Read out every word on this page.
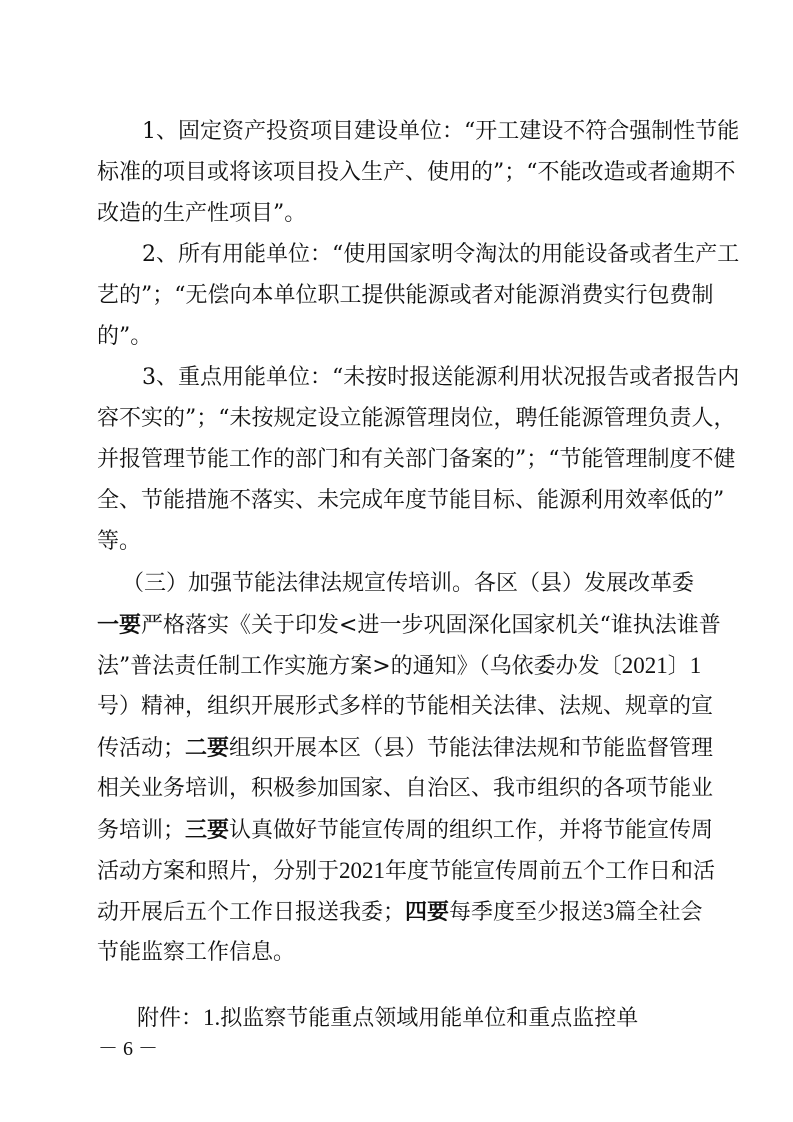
1、固定资产投资项目建设单位：“开工建设不符合强制性节能

标准的项目或将该项目投入生产、使用的”；“不能改造或者逾期不

改造的生产性项目”。

2、所有用能单位：“使用国家明令淘汰的用能设备或者生产工

艺的”；“无偿向本单位职工提供能源或者对能源消费实行包费制

的”。

3、重点用能单位：“未按时报送能源利用状况报告或者报告内

容不实的”；“未按规定设立能源管理岗位，聘任能源管理负责人，

并报管理节能工作的部门和有关部门备案的”；“节能管理制度不健

全、节能措施不落实、未完成年度节能目标、能源利用效率低的”

等。

（三）加强节能法律法规宣传培训。各区（县）发展改革委

一要严格落实《关于印发<进一步巩固深化国家机关“谁执法谁普

法”普法责任制工作实施方案>的通知》（乌依委办发〔2021〕1

号）精神，组织开展形式多样的节能相关法律、法规、规章的宣

传活动；二要组织开展本区（县）节能法律法规和节能监督管理

相关业务培训，积极参加国家、自治区、我市组织的各项节能业

务培训；三要认真做好节能宣传周的组织工作，并将节能宣传周

活动方案和照片，分别于2021年度节能宣传周前五个工作日和活

动开展后五个工作日报送我委；四要每季度至少报送3篇全社会

节能监察工作信息。

附件：1.拟监察节能重点领域用能单位和重点监控单

－ 6 －
